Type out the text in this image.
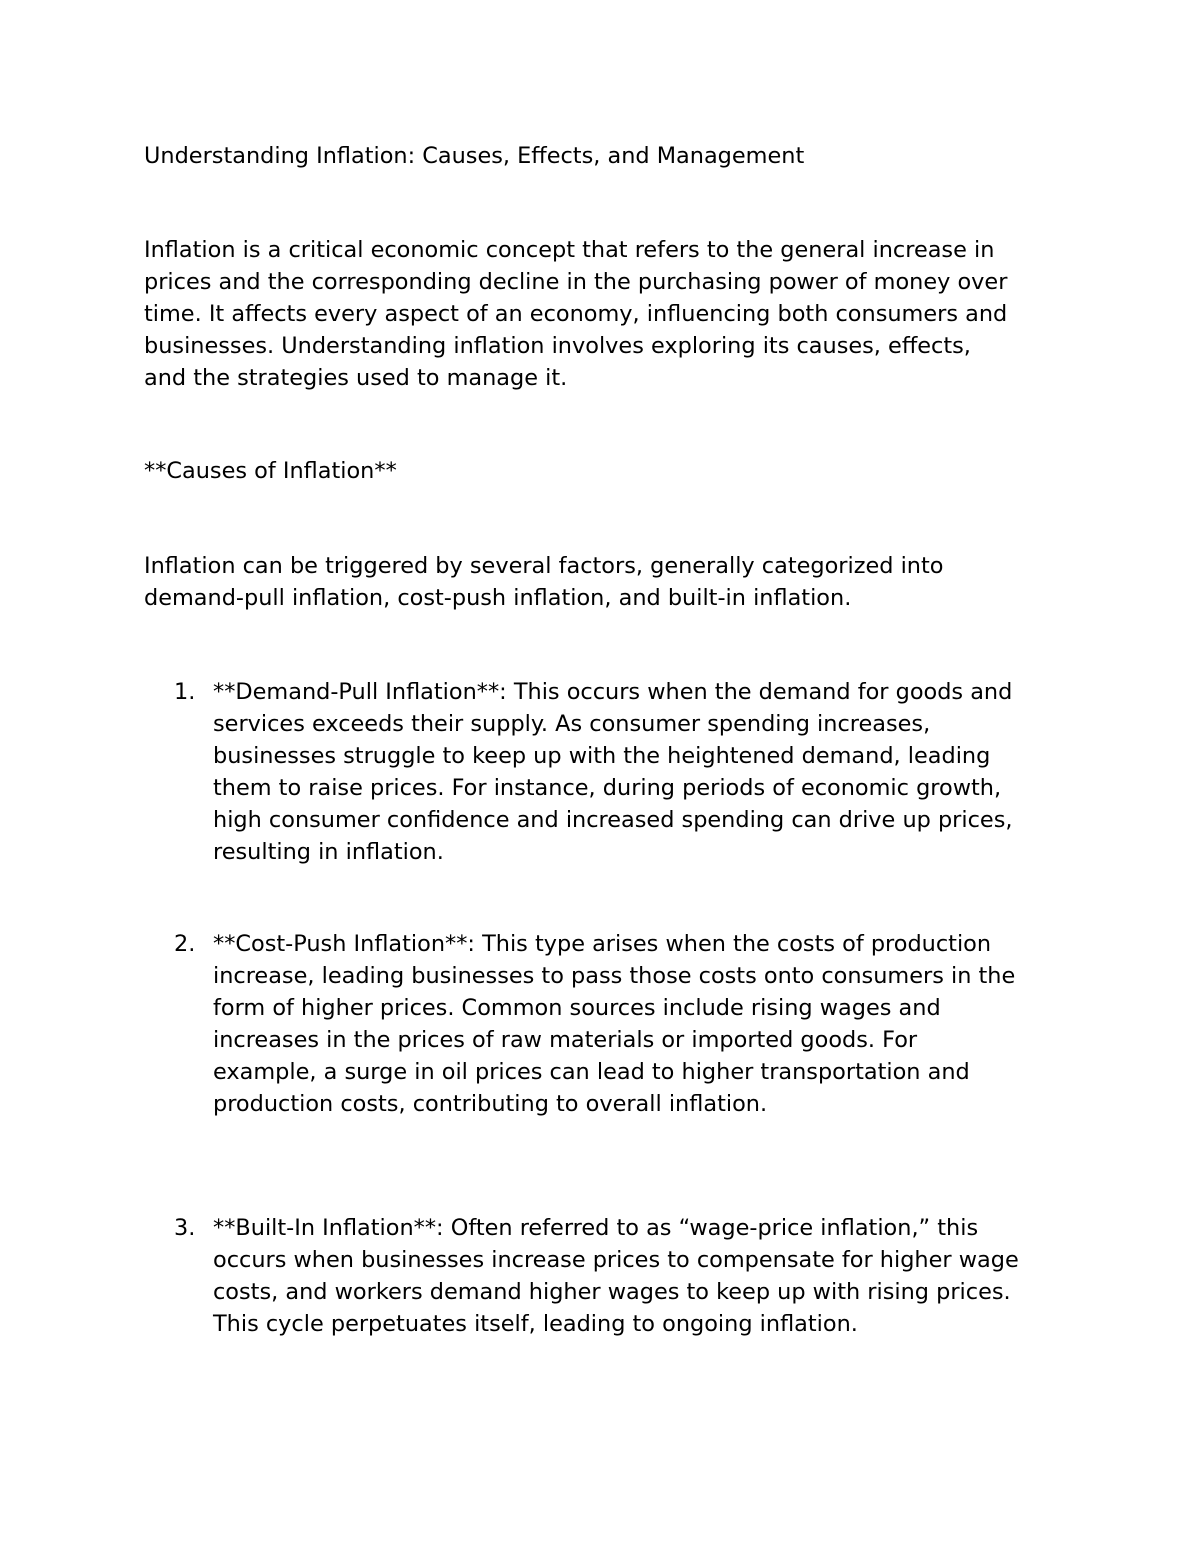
Understanding Inflation: Causes, Effects, and Management

Inflation is a critical economic concept that refers to the general increase in
prices and the corresponding decline in the purchasing power of money over
time. It affects every aspect of an economy, influencing both consumers and
businesses. Understanding inflation involves exploring its causes, effects,
and the strategies used to manage it.

**Causes of Inflation**

Inflation can be triggered by several factors, generally categorized into
demand-pull inflation, cost-push inflation, and built-in inflation.
1. **Demand-Pull Inflation**: This occurs when the demand for goods and
services exceeds their supply. As consumer spending increases,
businesses struggle to keep up with the heightened demand, leading
them to raise prices. For instance, during periods of economic growth,
high consumer confidence and increased spending can drive up prices,
resulting in inflation.
2. **Cost-Push Inflation**: This type arises when the costs of production
increase, leading businesses to pass those costs onto consumers in the
form of higher prices. Common sources include rising wages and
increases in the prices of raw materials or imported goods. For
example, a surge in oil prices can lead to higher transportation and
production costs, contributing to overall inflation.
3. **Built-In Inflation**: Often referred to as “wage-price inflation,” this
occurs when businesses increase prices to compensate for higher wage
costs, and workers demand higher wages to keep up with rising prices.
This cycle perpetuates itself, leading to ongoing inflation.
